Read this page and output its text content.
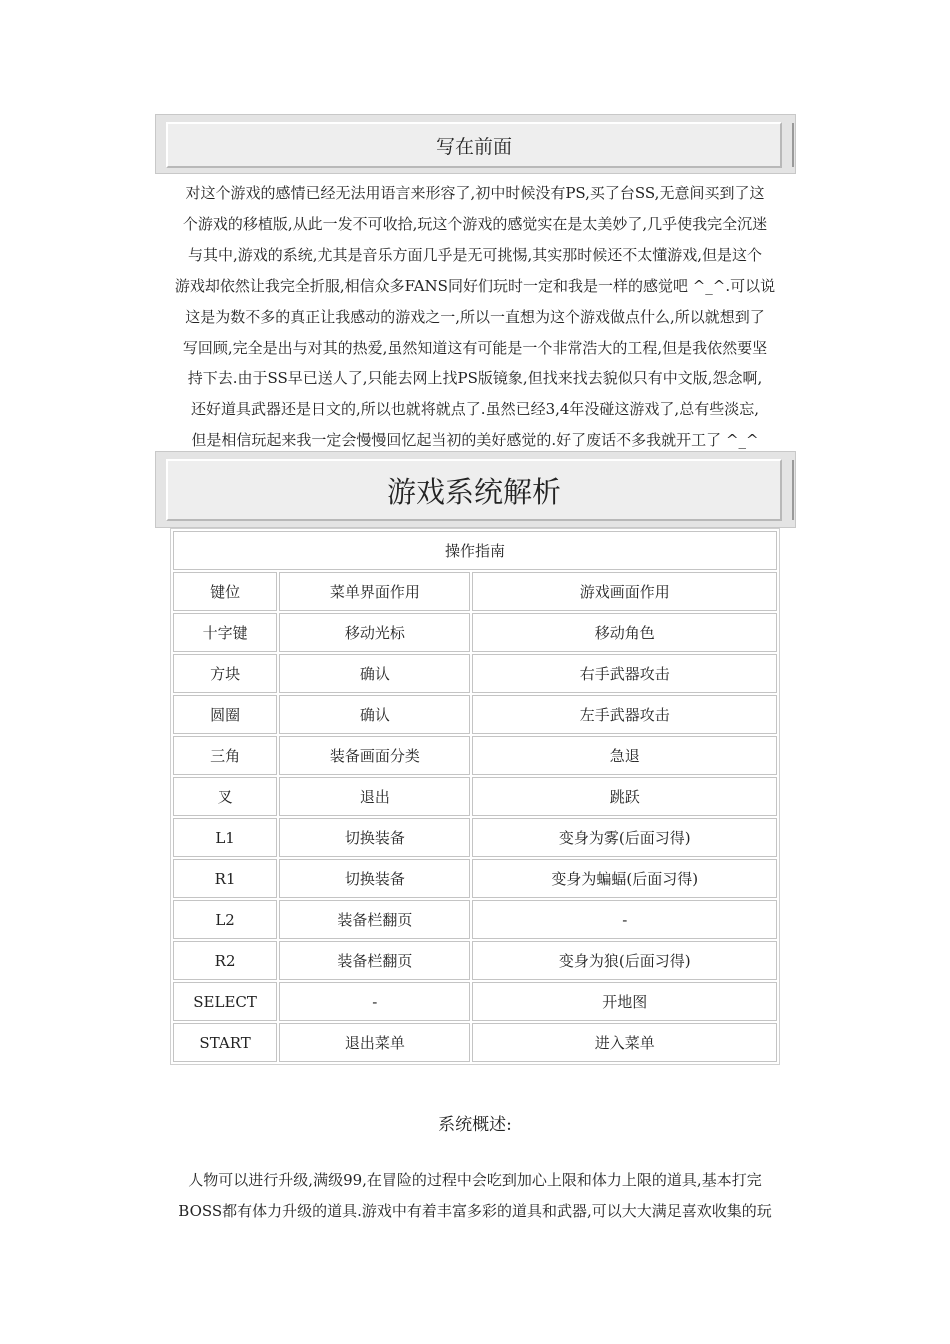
写在前面
对这个游戏的感情已经无法用语言来形容了,初中时候没有PS,买了台SS,无意间买到了这
个游戏的移植版,从此一发不可收拾,玩这个游戏的感觉实在是太美妙了,几乎使我完全沉迷
与其中,游戏的系统,尤其是音乐方面几乎是无可挑惕,其实那时候还不太懂游戏,但是这个
游戏却依然让我完全折服,相信众多FANS同好们玩时一定和我是一样的感觉吧 ^_^.可以说
这是为数不多的真正让我感动的游戏之一,所以一直想为这个游戏做点什么,所以就想到了
写回顾,完全是出与对其的热爱,虽然知道这有可能是一个非常浩大的工程,但是我依然要坚
持下去.由于SS早已送人了,只能去网上找PS版镜象,但找来找去貌似只有中文版,怨念啊,
还好道具武器还是日文的,所以也就将就点了.虽然已经3,4年没碰这游戏了,总有些淡忘,
但是相信玩起来我一定会慢慢回忆起当初的美好感觉的.好了废话不多我就开工了 ^_^
游戏系统解析
操作指南		
键位	菜单界面作用	游戏画面作用
十字键	移动光标	移动角色
方块	确认	右手武器攻击
圆圈	确认	左手武器攻击
三角	装备画面分类	急退
叉	退出	跳跃
L1	切换装备	变身为雾(后面习得)
R1	切换装备	变身为蝙蝠(后面习得)
L2	装备栏翻页	-
R2	装备栏翻页	变身为狼(后面习得)
SELECT	-	开地图
START	退出菜单	进入菜单
系统概述:
人物可以进行升级,满级99,在冒险的过程中会吃到加心上限和体力上限的道具,基本打完
BOSS都有体力升级的道具.游戏中有着丰富多彩的道具和武器,可以大大满足喜欢收集的玩
